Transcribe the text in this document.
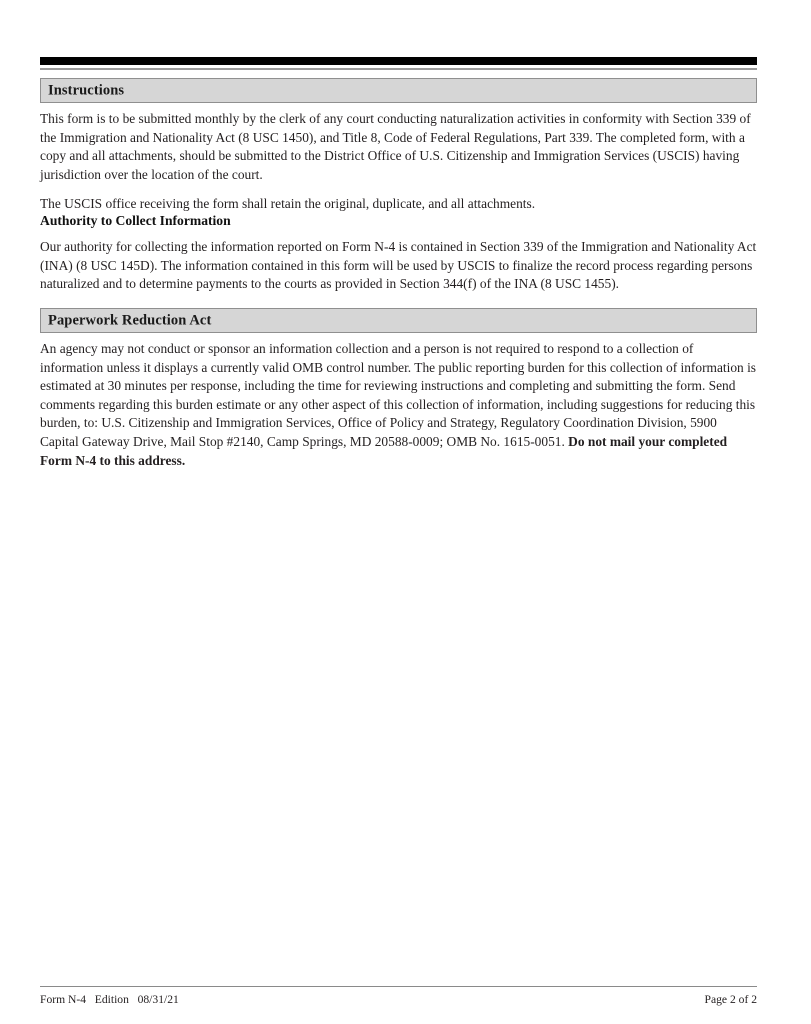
Instructions

This form is to be submitted monthly by the clerk of any court conducting naturalization activities in conformity with Section 339 of the Immigration and Nationality Act (8 USC 1450), and Title 8, Code of Federal Regulations, Part 339. The completed form, with a copy and all attachments, should be submitted to the District Office of U.S. Citizenship and Immigration Services (USCIS) having jurisdiction over the location of the court.

The USCIS office receiving the form shall retain the original, duplicate, and all attachments.

Authority to Collect Information

Our authority for collecting the information reported on Form N-4 is contained in Section 339 of the Immigration and Nationality Act (INA) (8 USC 145D). The information contained in this form will be used by USCIS to finalize the record process regarding persons naturalized and to determine payments to the courts as provided in Section 344(f) of the INA (8 USC 1455).

Paperwork Reduction Act

An agency may not conduct or sponsor an information collection and a person is not required to respond to a collection of information unless it displays a currently valid OMB control number. The public reporting burden for this collection of information is estimated at 30 minutes per response, including the time for reviewing instructions and completing and submitting the form. Send comments regarding this burden estimate or any other aspect of this collection of information, including suggestions for reducing this burden, to: U.S. Citizenship and Immigration Services, Office of Policy and Strategy, Regulatory Coordination Division, 5900 Capital Gateway Drive, Mail Stop #2140, Camp Springs, MD 20588-0009; OMB No. 1615-0051. Do not mail your completed Form N-4 to this address.

Form N-4   Edition   08/31/21	Page 2 of 2
